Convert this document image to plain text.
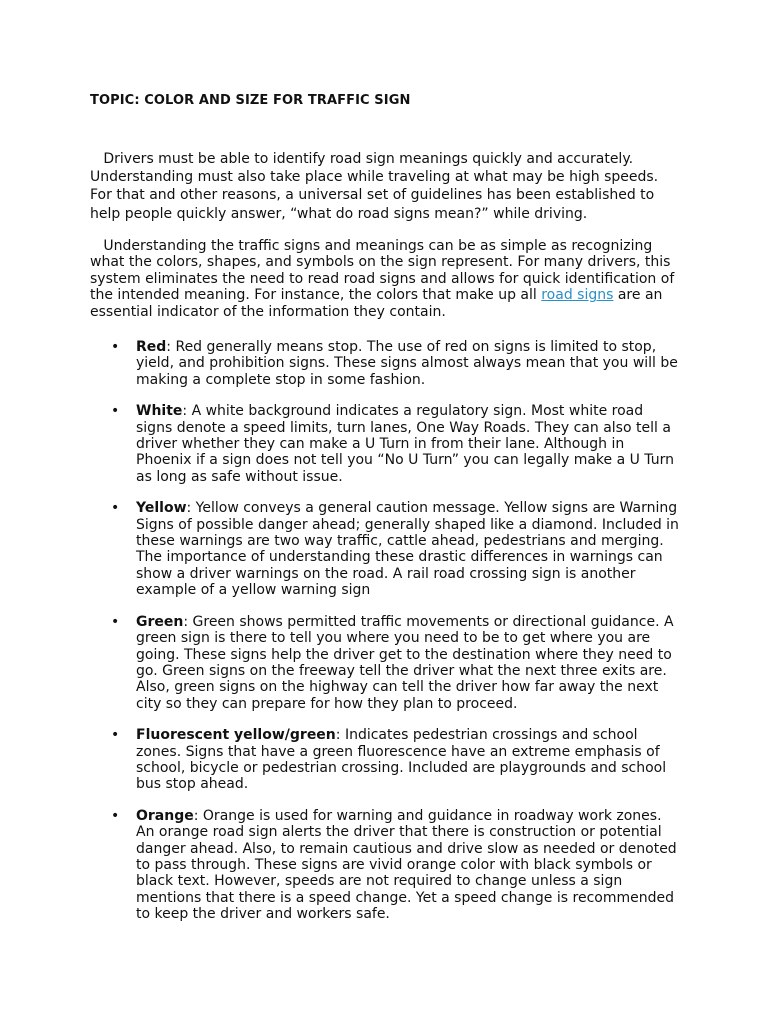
TOPIC: COLOR AND SIZE FOR TRAFFIC SIGN

Drivers must be able to identify road sign meanings quickly and accurately. Understanding must also take place while traveling at what may be high speeds. For that and other reasons, a universal set of guidelines has been established to help people quickly answer, “what do road signs mean?” while driving.

Understanding the traffic signs and meanings can be as simple as recognizing what the colors, shapes, and symbols on the sign represent. For many drivers, this system eliminates the need to read road signs and allows for quick identification of the intended meaning. For instance, the colors that make up all road signs are an essential indicator of the information they contain.

• Red: Red generally means stop. The use of red on signs is limited to stop, yield, and prohibition signs. These signs almost always mean that you will be making a complete stop in some fashion.
• White: A white background indicates a regulatory sign. Most white road signs denote a speed limits, turn lanes, One Way Roads. They can also tell a driver whether they can make a U Turn in from their lane. Although in Phoenix if a sign does not tell you “No U Turn” you can legally make a U Turn as long as safe without issue.
• Yellow: Yellow conveys a general caution message. Yellow signs are Warning Signs of possible danger ahead; generally shaped like a diamond. Included in these warnings are two way traffic, cattle ahead, pedestrians and merging. The importance of understanding these drastic differences in warnings can show a driver warnings on the road. A rail road crossing sign is another example of a yellow warning sign
• Green: Green shows permitted traffic movements or directional guidance. A green sign is there to tell you where you need to be to get where you are going. These signs help the driver get to the destination where they need to go. Green signs on the freeway tell the driver what the next three exits are. Also, green signs on the highway can tell the driver how far away the next city so they can prepare for how they plan to proceed.
• Fluorescent yellow/green: Indicates pedestrian crossings and school zones. Signs that have a green fluorescence have an extreme emphasis of school, bicycle or pedestrian crossing. Included are playgrounds and school bus stop ahead.
• Orange: Orange is used for warning and guidance in roadway work zones. An orange road sign alerts the driver that there is construction or potential danger ahead. Also, to remain cautious and drive slow as needed or denoted to pass through. These signs are vivid orange color with black symbols or black text. However, speeds are not required to change unless a sign mentions that there is a speed change. Yet a speed change is recommended to keep the driver and workers safe.
